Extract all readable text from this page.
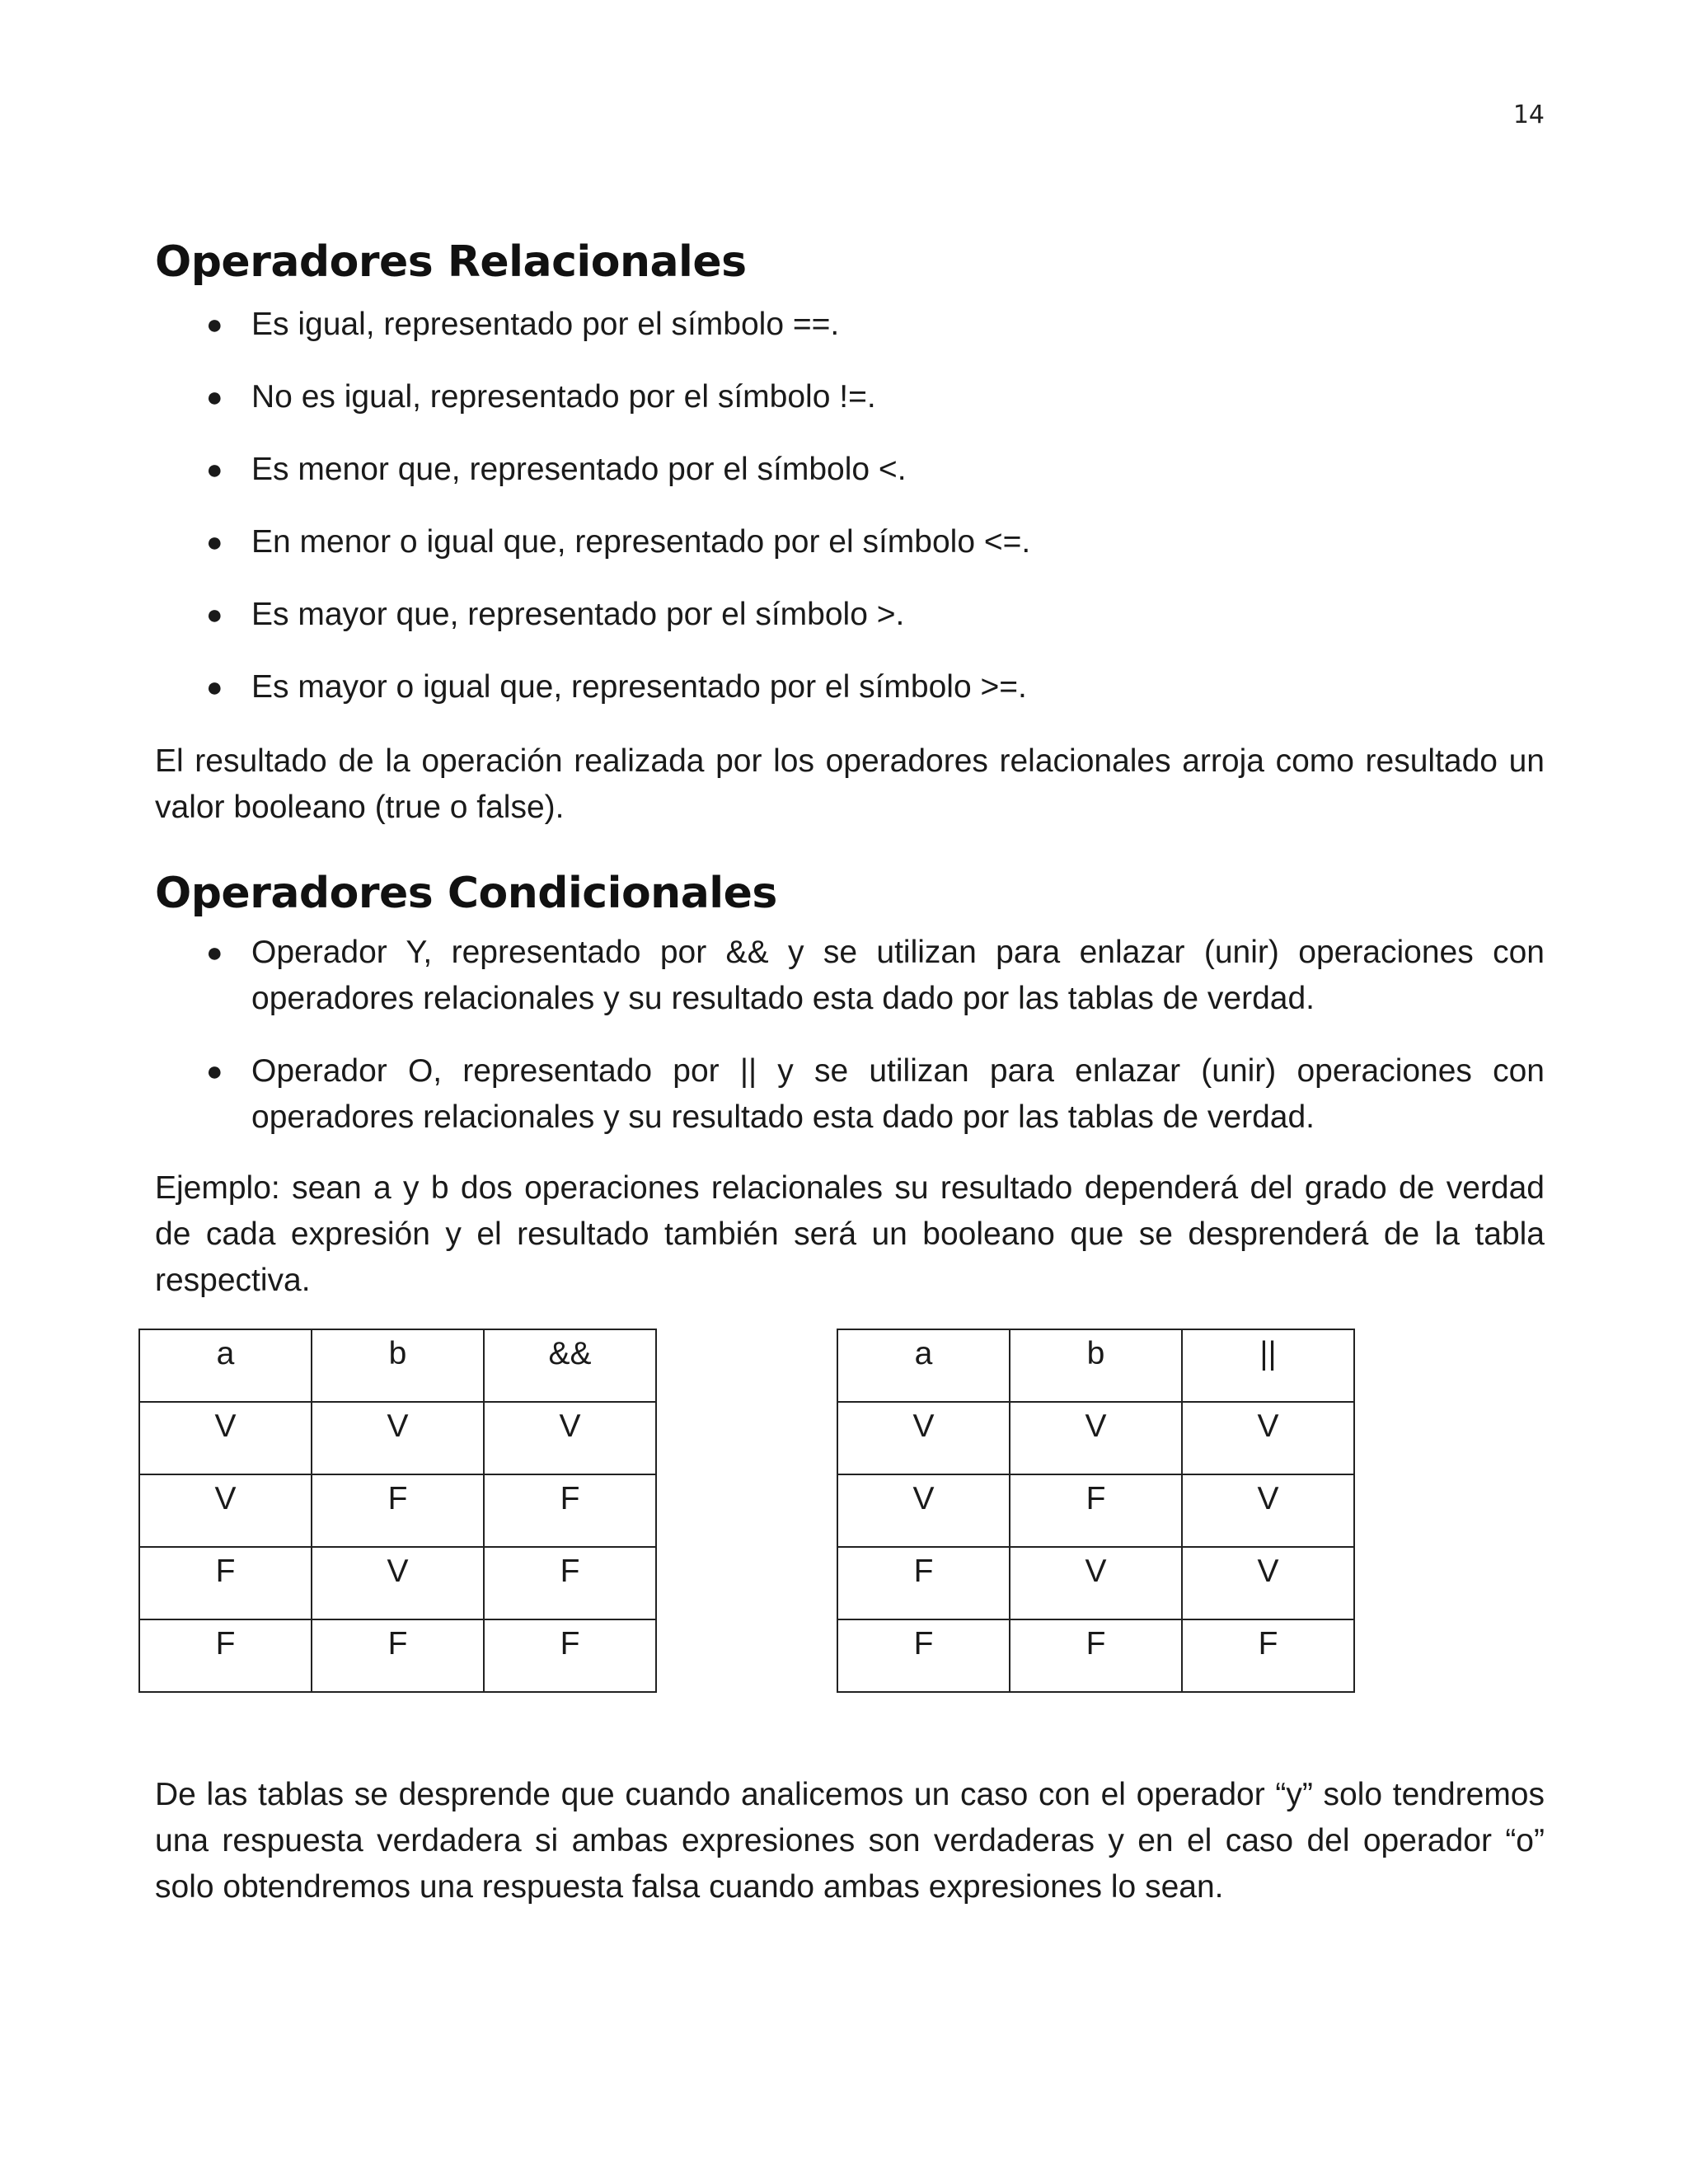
14
Operadores Relacionales
● Es igual, representado por el símbolo ==.
● No es igual, representado por el símbolo !=.
● Es menor que, representado por el símbolo <.
● En menor o igual que, representado por el símbolo <=.
● Es mayor que, representado por el símbolo >.
● Es mayor o igual que, representado por el símbolo >=.

El resultado de la operación realizada por los operadores relacionales arroja como resultado un valor booleano (true o false).

Operadores Condicionales
● Operador Y, representado por && y se utilizan para enlazar (unir) operaciones con operadores relacionales y su resultado esta dado por las tablas de verdad.
● Operador O, representado por || y se utilizan para enlazar (unir) operaciones con operadores relacionales y su resultado esta dado por las tablas de verdad.

Ejemplo: sean a y b dos operaciones relacionales su resultado dependerá del grado de verdad de cada expresión y el resultado también será un booleano que se desprenderá de la tabla respectiva.

De las tablas se desprende que cuando analicemos un caso con el operador “y” solo tendremos una respuesta verdadera si ambas expresiones son verdaderas y en el caso del operador “o” solo obtendremos una respuesta falsa cuando ambas expresiones lo sean.

a	b	&&
V	V	V
V	F	F
F	V	F
F	F	F
a	b	||
V	V	V
V	F	V
F	V	V
F	F	F
